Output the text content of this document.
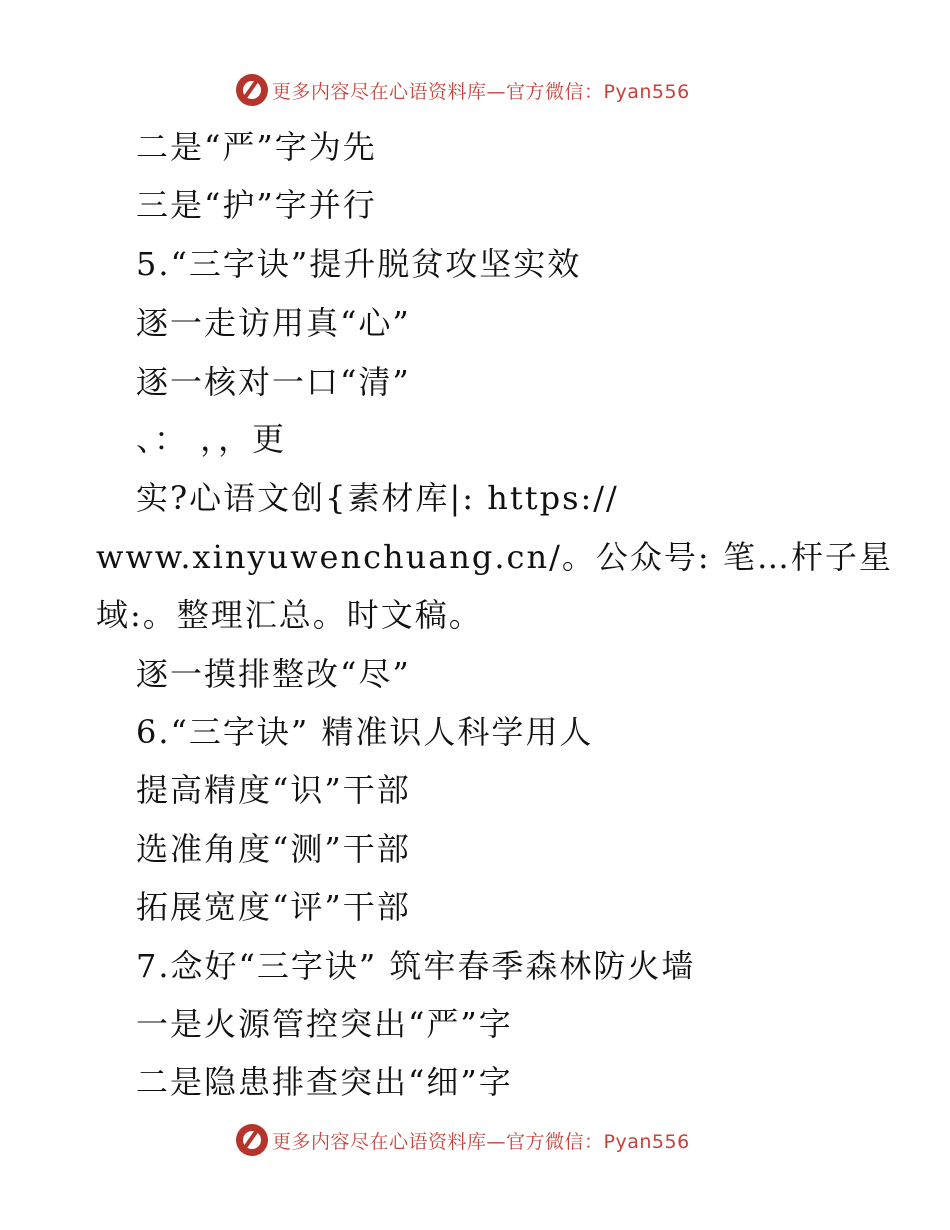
更多内容尽在心语资料库—官方微信：Pyan556
二是“严”字为先
三是“护”字并行
5.“三字诀”提升脱贫攻坚实效
逐一走访用真“心”
逐一核对一口“清”
、： ，，更
实?心语文创{素材库|: https://
www.xinyuwenchuang.cn/。公众号: 笔…杆子星
域:。整理汇总。时文稿。
逐一摸排整改“尽”
6.“三字诀” 精准识人科学用人
提高精度“识”干部
选准角度“测”干部
拓展宽度“评”干部
7.念好“三字诀” 筑牢春季森林防火墙
一是火源管控突出“严”字
二是隐患排查突出“细”字
更多内容尽在心语资料库—官方微信：Pyan556
